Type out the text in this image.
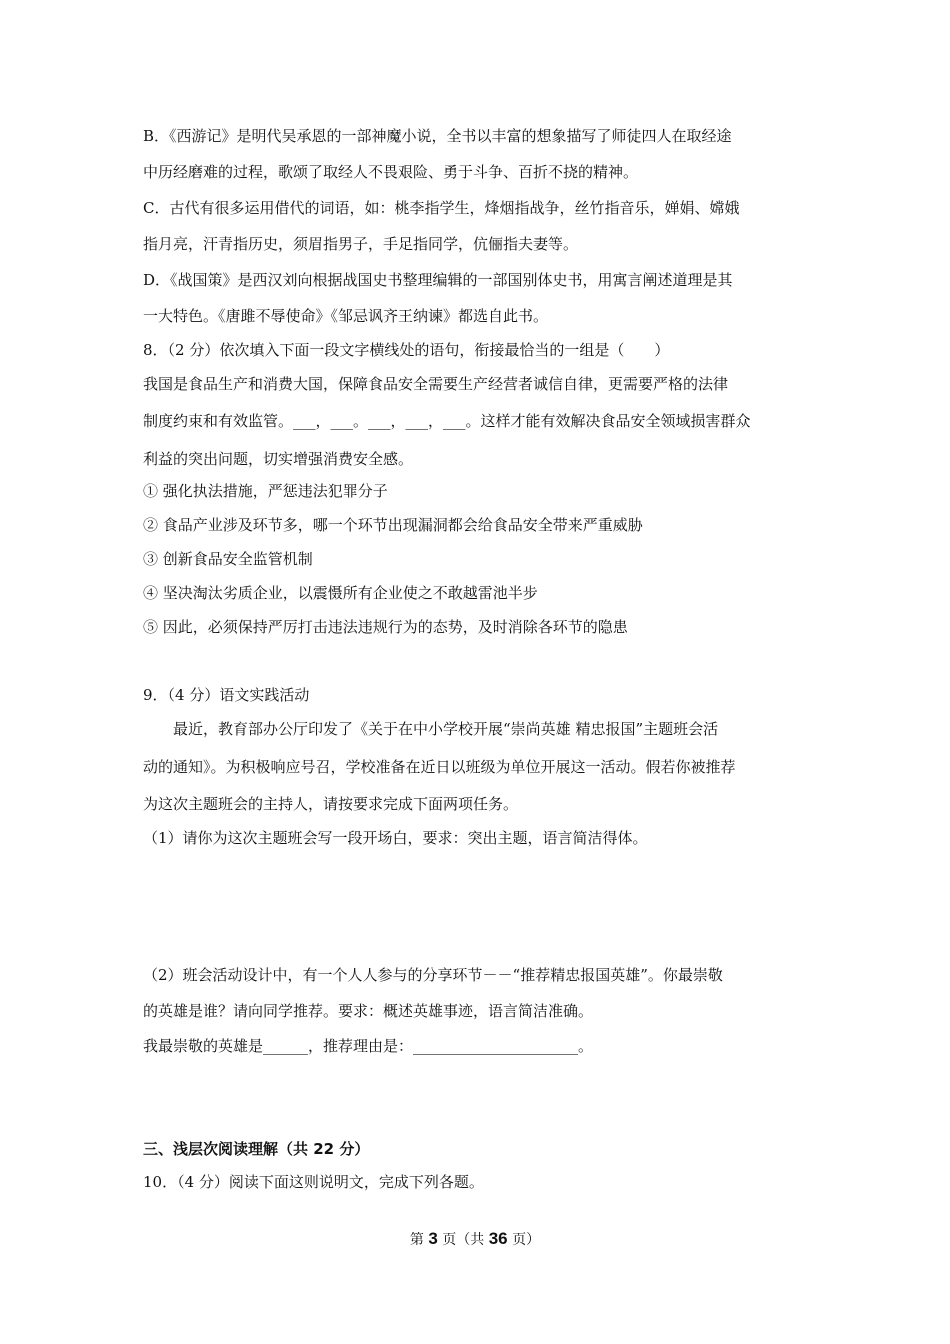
B．《西游记》是明代吴承恩的一部神魔小说，全书以丰富的想象描写了师徒四人在取经途
中历经磨难的过程，歌颂了取经人不畏艰险、勇于斗争、百折不挠的精神。
C．古代有很多运用借代的词语，如：桃李指学生，烽烟指战争，丝竹指音乐，婵娟、嫦娥
指月亮，汗青指历史，须眉指男子，手足指同学，伉俪指夫妻等。
D．《战国策》是西汉刘向根据战国史书整理编辑的一部国别体史书，用寓言阐述道理是其
一大特色。《唐雎不辱使命》《邹忌讽齐王纳谏》都选自此书。
8．（2 分）依次填入下面一段文字横线处的语句，衔接最恰当的一组是（　　）
我国是食品生产和消费大国，保障食品安全需要生产经营者诚信自律，更需要严格的法律
制度约束和有效监管。___，___。___，___，___。这样才能有效解决食品安全领域损害群众
利益的突出问题，切实增强消费安全感。
① 强化执法措施，严惩违法犯罪分子
② 食品产业涉及环节多，哪一个环节出现漏洞都会给食品安全带来严重威胁
③ 创新食品安全监管机制
④ 坚决淘汰劣质企业，以震慑所有企业使之不敢越雷池半步
⑤ 因此，必须保持严厉打击违法违规行为的态势，及时消除各环节的隐患
9．（4 分）语文实践活动
　　最近，教育部办公厅印发了《关于在中小学校开展“崇尚英雄 精忠报国”主题班会活
动的通知》。为积极响应号召，学校准备在近日以班级为单位开展这一活动。假若你被推荐
为这次主题班会的主持人，请按要求完成下面两项任务。
（1）请你为这次主题班会写一段开场白，要求：突出主题，语言简洁得体。
（2）班会活动设计中，有一个人人参与的分享环节－－“推荐精忠报国英雄”。你最崇敬
的英雄是谁？请向同学推荐。要求：概述英雄事迹，语言简洁准确。
我最崇敬的英雄是______，推荐理由是：______________________。
三、浅层次阅读理解（共 22 分）
10．（4 分）阅读下面这则说明文，完成下列各题。
第 3 页（共 36 页）
